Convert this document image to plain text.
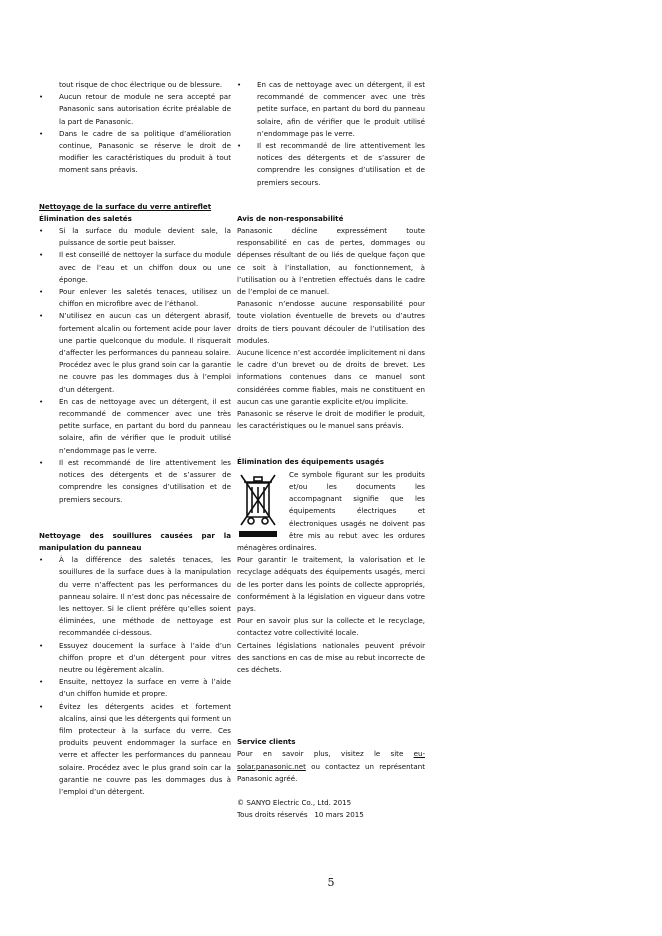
tout risque de choc électrique ou de blessure.
• Aucun retour de module ne sera accepté par Panasonic sans autorisation écrite préalable de la part de Panasonic.
• Dans le cadre de sa politique d’amélioration continue, Panasonic se réserve le droit de modifier les caractéristiques du produit à tout moment sans préavis.

Nettoyage de la surface du verre antireflet

Élimination des saletés

• Si la surface du module devient sale, la puissance de sortie peut baisser.
• Il est conseillé de nettoyer la surface du module avec de l’eau et un chiffon doux ou une éponge.
• Pour enlever les saletés tenaces, utilisez un chiffon en microfibre avec de l’éthanol.
• N’utilisez en aucun cas un détergent abrasif, fortement alcalin ou fortement acide pour laver une partie quelconque du module. Il risquerait d’affecter les performances du panneau solaire. Procédez avec le plus grand soin car la garantie ne couvre pas les dommages dus à l’emploi d’un détergent.
• En cas de nettoyage avec un détergent, il est recommandé de commencer avec une très petite surface, en partant du bord du panneau solaire, afin de vérifier que le produit utilisé n’endommage pas le verre.
• Il est recommandé de lire attentivement les notices des détergents et de s’assurer de comprendre les consignes d’utilisation et de premiers secours.

Nettoyage des souillures causées par la manipulation du panneau

• À la différence des saletés tenaces, les souillures de la surface dues à la manipulation du verre n’affectent pas les performances du panneau solaire. Il n’est donc pas nécessaire de les nettoyer. Si le client préfère qu’elles soient éliminées, une méthode de nettoyage est recommandée ci-dessous.
• Essuyez doucement la surface à l’aide d’un chiffon propre et d’un détergent pour vitres neutre ou légèrement alcalin.
• Ensuite, nettoyez la surface en verre à l’aide d’un chiffon humide et propre.
• Évitez les détergents acides et fortement alcalins, ainsi que les détergents qui forment un film protecteur à la surface du verre. Ces produits peuvent endommager la surface en verre et affecter les performances du panneau solaire. Procédez avec le plus grand soin car la garantie ne couvre pas les dommages dus à l’emploi d’un détergent.
• En cas de nettoyage avec un détergent, il est recommandé de commencer avec une très petite surface, en partant du bord du panneau solaire, afin de vérifier que le produit utilisé n’endommage pas le verre.
• Il est recommandé de lire attentivement les notices des détergents et de s’assurer de comprendre les consignes d’utilisation et de premiers secours.

Avis de non-responsabilité

Panasonic décline expressément toute responsabilité en cas de pertes, dommages ou dépenses résultant de ou liés de quelque façon que ce soit à l’installation, au fonctionnement, à l’utilisation ou à l’entretien effectués dans le cadre de l’emploi de ce manuel.

Panasonic n’endosse aucune responsabilité pour toute violation éventuelle de brevets ou d’autres droits de tiers pouvant découler de l’utilisation des modules.

Aucune licence n’est accordée implicitement ni dans le cadre d’un brevet ou de droits de brevet. Les informations contenues dans ce manuel sont considérées comme fiables, mais ne constituent en aucun cas une garantie explicite et/ou implicite.

Panasonic se réserve le droit de modifier le produit, les caractéristiques ou le manuel sans préavis.

Élimination des équipements usagés

Ce symbole figurant sur les produits et/ou les documents les accompagnant signifie que les équipements électriques et électroniques usagés ne doivent pas être mis au rebut avec les ordures ménagères ordinaires.

Pour garantir le traitement, la valorisation et le recyclage adéquats des équipements usagés, merci de les porter dans les points de collecte appropriés, conformément à la législation en vigueur dans votre pays.

Pour en savoir plus sur la collecte et le recyclage, contactez votre collectivité locale.

Certaines législations nationales peuvent prévoir des sanctions en cas de mise au rebut incorrecte de ces déchets.

Service clients

Pour en savoir plus, visitez le site eu-solar.panasonic.net ou contactez un représentant Panasonic agréé.

© SANYO Electric Co., Ltd. 2015

Tous droits réservés   10 mars 2015

5
